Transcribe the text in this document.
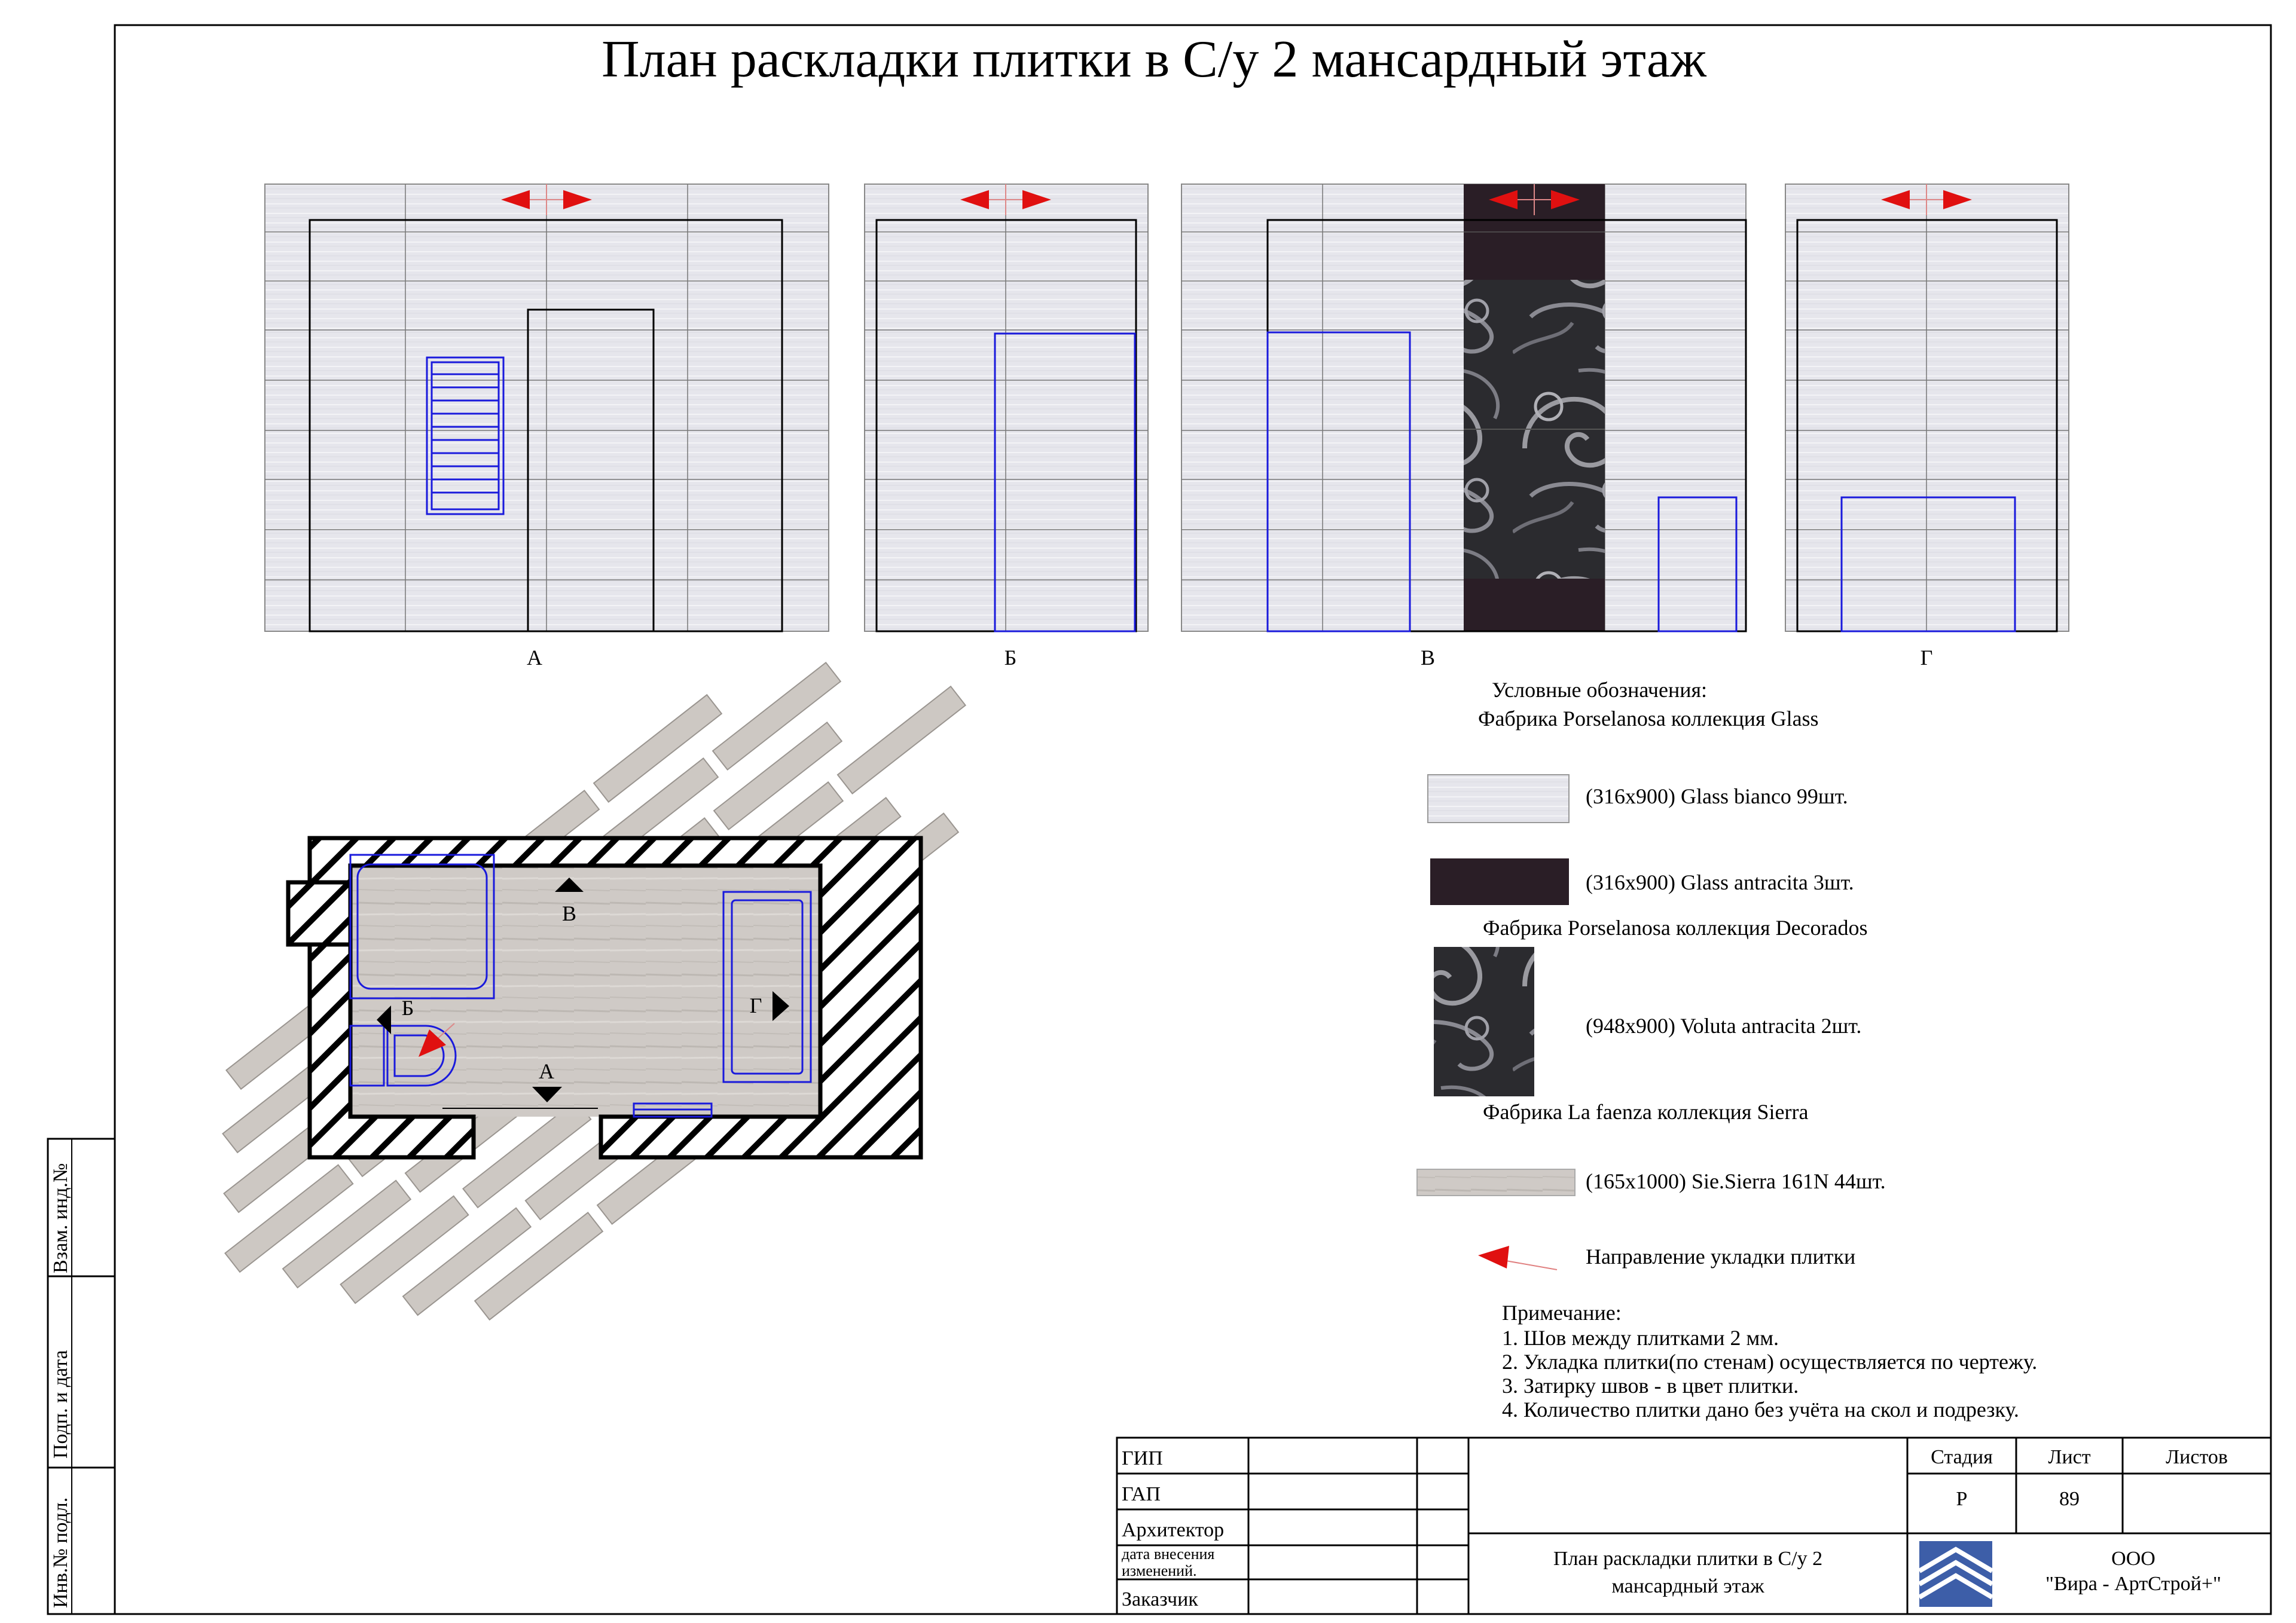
План раскладки плитки в С/у 2 мансардный этаж
А	Б	В	Г
В
Б	Г
А
Условные обозначения:
Фабрика Porselanosa коллекция Glass
(316x900) Glass bianco 99шт.
(316x900) Glass antracita 3шт.
Фабрика Porselanosa коллекция Decorados
(948x900) Voluta antracita 2шт.
Фабрика La faenza коллекция Sierra
(165x1000) Sie.Sierra 161N 44шт.
Направление укладки плитки
Примечание:
1. Шов между плитками 2 мм.
2. Укладка плитки(по стенам) осуществляется по чертежу.
3. Затирку швов - в цвет плитки.
4. Количество плитки дано без учёта на скол и подрезку.
Взам. инд.№
Подп. и дата
Инв.№ подл.
ГИП
ГАП
Архитектор
дата внесения
изменений.
Заказчик
Стадия	Лист	Листов
Р	89
План раскладки плитки в С/у 2
мансардный этаж
ООО
"Вира - АртСтрой+"
